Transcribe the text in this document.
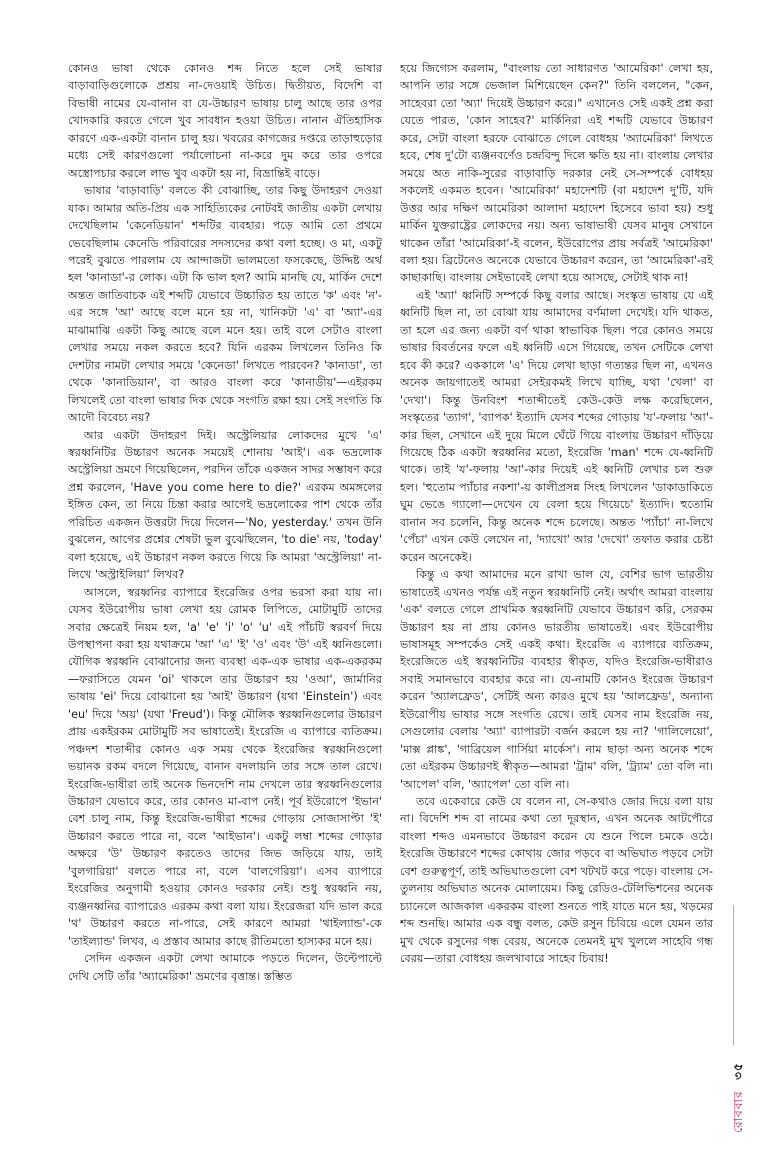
কোনও ভাষা থেকে কোনও শব্দ নিতে হলে সেই ভাষার বাড়াবাড়িগুলোকে প্রশ্রয় না-দেওয়াই উচিত। দ্বিতীয়ত, বিদেশি বা বিভাষী নামের যে-বানান বা যে-উচ্চারণ ভাষায় চালু আছে তার ওপর খোদকারি করতে গেলে খুব সাবধান হওয়া উচিত। নানান ঐতিহাসিক কারণে এক-একটা বানান চালু হয়। খবরের কাগজের দপ্তরে তাড়াহুড়োর মধ্যে সেই কারণগুলো পর্যালোচনা না-করে দুম করে তার ওপরে অস্ত্রোপচার করলে লাভ খুব একটা হয় না, বিভ্রান্তিই বাড়ে।

ভাষার 'বাড়াবাড়ি' বলতে কী বোঝাচ্ছি, তার কিছু উদাহরণ দেওয়া যাক। আমার অতি-প্রিয় এক সাহিত্যিকের নোটবই জাতীয় একটা লেখায় দেখেছিলাম 'কেনেডিয়ান' শব্দটির ব্যবহার। পড়ে আমি তো প্রথমে ভেবেছিলাম কেনেডি পরিবারের সদস্যদের কথা বলা হচ্ছে। ও মা, একটু পরেই বুঝতে পারলাম যে আন্দাজটা ভালমতো ফসকেছে, উদ্দিষ্ট অর্থ হল 'কানাডা'-র লোক। এটা কি ভাল হল? আমি মানছি যে, মার্কিন দেশে অন্তত জাতিবাচক এই শব্দটি যেভাবে উচ্চারিত হয় তাতে 'ক' এবং 'ন'-এর সঙ্গে 'আ' আছে বলে মনে হয় না, খানিকটা 'এ' বা 'অ্যা'-এর মাঝামাঝি একটা কিছু আছে বলে মনে হয়। তাই বলে সেটাও বাংলা লেখার সময়ে নকল করতে হবে? যিনি এরকম লিখলেন তিনিও কি দেশটার নামটা লেখার সময়ে 'কেনেডা' লিখতে পারবেন? 'কানাডা', তা থেকে 'কানাডিয়ান', বা আরও বাংলা করে 'কানাডীয়'—এইরকম লিখলেই তো বাংলা ভাষার দিক থেকে সংগতি রক্ষা হয়। সেই সংগতি কি আদৌ বিবেচ্য নয়?

আর একটা উদাহরণ দিই। অস্ট্রেলিয়ার লোকদের মুখে 'এ' স্বরধ্বনিটির উচ্চারণ অনেক সময়েই শোনায় 'আই'। এক ভদ্রলোক অস্ট্রেলিয়া ভ্রমণে গিয়েছিলেন, পরদিন তাঁকে একজন সাদর সম্ভাষণ করে প্রশ্ন করলেন, 'Have you come here to die?' এরকম অমঙ্গলের ইঙ্গিত কেন, তা নিয়ে চিন্তা করার আগেই ভদ্রলোকের পাশ থেকে তাঁর পরিচিত একজন উত্তরটা দিয়ে দিলেন—'No, yesterday.' তখন উনি বুঝলেন, আগের প্রশ্নের শেষটা ভুল বুঝেছিলেন, 'to die' নয়, 'today' বলা হয়েছে, এই উচ্চারণ নকল করতে গিয়ে কি আমরা 'অস্ট্রেলিয়া' না-লিখে 'অস্ট্রাইলিয়া' লিখব?

আসলে, স্বরধ্বনির ব্যাপারে ইংরেজির ওপর ভরসা করা যায় না। যেসব ইউরোপীয় ভাষা লেখা হয় রোমক লিপিতে, মোটামুটি তাদের সবার ক্ষেত্রেই নিয়ম হল, 'a' 'e' 'i' 'o' 'u' এই পাঁচটি স্বরবর্ণ দিয়ে উপস্থাপনা করা হয় যথাক্রমে 'আ' 'এ' 'ই' 'ও' এবং 'উ' এই ধ্বনিগুলো। যৌগিক স্বরধ্বনি বোঝানোর জন্য ব্যবস্থা এক-এক ভাষার এক-একরকম—ফরাসিতে যেমন 'oi' থাকলে তার উচ্চারণ হয় 'ওআ', জার্মানির ভাষায় 'ei' দিয়ে বোঝানো হয় 'আই' উচ্চারণ (যথা 'Einstein') এবং 'eu' দিয়ে 'অয়' (যথা 'Freud')। কিন্তু মৌলিক স্বরধ্বনিগুলোর উচ্চারণ প্রায় একইরকম মোটামুটি সব ভাষাতেই। ইংরেজি এ ব্যাপারে ব্যতিক্রম। পঞ্চদশ শতাব্দীর কোনও এক সময় থেকে ইংরেজির স্বরধ্বনিগুলো ভয়ানক রকম বদলে গিয়েছে, বানান বদলায়নি তার সঙ্গে তাল রেখে। ইংরেজি-ভাষীরা তাই অনেক ভিনদেশি নাম দেখলে তার স্বরধ্বনিগুলোর উচ্চারণ যেভাবে করে, তার কোনও মা-বাপ নেই। পূর্ব ইউরোপে 'ইভান' বেশ চালু নাম, কিন্তু ইংরেজি-ভাষীরা শব্দের গোড়ায় সোজাসাপ্টা 'ই' উচ্চারণ করতে পারে না, বলে 'আইভান'। একটু লম্বা শব্দের গোড়ার অক্ষরে 'উ' উচ্চারণ করতেও তাদের জিভ জড়িয়ে যায়, তাই 'বুলগারিয়া' বলতে পারে না, বলে 'বালগেরিয়া'। এসব ব্যাপারে ইংরেজির অনুগামী হওয়ার কোনও দরকার নেই। শুধু স্বরধ্বনি নয়, ব্যঞ্জনধ্বনির ব্যাপারেও এরকম কথা বলা যায়। ইংরেজরা যদি ভাল করে 'থ' উচ্চারণ করতে না-পারে, সেই কারণে আমরা 'থাইল্যান্ড'-কে 'তাইল্যান্ড' লিখব, এ প্রস্তাব আমার কাছে রীতিমতো হাস্যকর মনে হয়।

সেদিন একজন একটা লেখা আমাকে পড়তে দিলেন, উল্টেপাল্টে দেখি সেটি তাঁর 'অ্যামেরিকা' ভ্রমণের বৃত্তান্ত। স্তম্ভিত

হয়ে জিগ্যেস করলাম, "বাংলায় তো সাধারণত 'আমেরিকা' লেখা হয়, আপনি তার সঙ্গে ভেজাল মিশিয়েছেন কেন?" তিনি বললেন, "কেন, সাহেবরা তো 'অ্যা' দিয়েই উচ্চারণ করে।" এখানেও সেই একই প্রশ্ন করা যেতে পারত, 'কোন সাহেব?' মার্কিনিরা এই শব্দটি যেভাবে উচ্চারণ করে, সেটা বাংলা হরফে বোঝাতে গেলে বোধহয় 'অ্যামেরিকা' লিখতে হবে, শেষ দু'টো ব্যঞ্জনবর্ণেও চন্দ্রবিন্দু দিলে ক্ষতি হয় না। বাংলায় লেখার সময়ে অত নাকি-সুরের বাড়াবাড়ি দরকার নেই সে-সম্পর্কে বোধহয় সকলেই একমত হবেন। 'আমেরিকা' মহাদেশটি (বা মহাদেশ দু'টি, যদি উত্তর আর দক্ষিণ আমেরিকা আলাদা মহাদেশ হিসেবে ভাবা হয়) শুধু মার্কিন যুক্তরাষ্ট্রের লোকদের নয়। অন্য ভাষাভাষী যেসব মানুষ সেখানে থাকেন তাঁরা 'আমেরিকা'-ই বলেন, ইউরোপের প্রায় সর্বত্রই 'আমেরিকা' বলা হয়। ব্রিটেনেও অনেকে যেভাবে উচ্চারণ করেন, তা 'আমেরিকা'-রই কাছাকাছি। বাংলায় সেইভাবেই লেখা হয়ে আসছে, সেটাই থাক না!

এই 'অ্যা' ধ্বনিটি সম্পর্কে কিছু বলার আছে। সংস্কৃত ভাষায় যে এই ধ্বনিটি ছিল না, তা বোঝা যায় আমাদের বর্ণমালা দেখেই। যদি থাকত, তা হলে এর জন্য একটা বর্ণ থাকা স্বাভাবিক ছিল। পরে কোনও সময়ে ভাষার বিবর্তনের ফলে এই ধ্বনিটি এসে গিয়েছে, তখন সেটিকে লেখা হবে কী করে? এককালে 'এ' দিয়ে লেখা ছাড়া গত্যন্তর ছিল না, এখনও অনেক জায়গাতেই আমরা সেইরকমই লিখে যাচ্ছি, যথা 'খেলা' বা 'দেখা'। কিন্তু উনবিংশ শতাব্দীতেই কেউ-কেউ লক্ষ করেছিলেন, সংস্কৃতের 'ত্যাগ', 'ব্যাপক' ইত্যাদি যেসব শব্দের গোড়ায় 'য'-ফলায় 'আ'-কার ছিল, সেখানে এই দুয়ে মিলে ঘেঁটে গিয়ে বাংলায় উচ্চারণ দাঁড়িয়ে গিয়েছে ঠিক একটা স্বরধ্বনির মতো, ইংরেজি 'man' শব্দে যে-ধ্বনিটি থাকে। তাই 'য'-ফলায় 'আ'-কার দিয়েই এই ধ্বনিটি লেখার চল শুরু হল। 'হুতোম প্যাঁচার নকশা'-য় কালীপ্রসন্ন সিংহ লিখলেন 'ডাকাডাকিতে ঘুম ভেঙে গ্যালো—দেখেন যে বেলা হয়ে গিয়েচে' ইত্যাদি। হুতোমি বানান সব চলেনি, কিন্তু অনেক শব্দে চলেছে। অন্তত 'প্যাঁচা' না-লিখে 'পেঁচা' এখন কেউ লেখেন না, 'দ্যাখো' আর 'দেখো' তফাত করার চেষ্টা করেন অনেকেই।

কিন্তু এ কথা আমাদের মনে রাখা ভাল যে, বেশির ভাগ ভারতীয় ভাষাতেই এখনও পর্যন্ত এই নতুন স্বরধ্বনিটি নেই। অর্থাৎ আমরা বাংলায় 'এক' বলতে গেলে প্রাথমিক স্বরধ্বনিটি যেভাবে উচ্চারণ করি, সেরকম উচ্চারণ হয় না প্রায় কোনও ভারতীয় ভাষাতেই। এবং ইউরোপীয় ভাষাসমূহ সম্পর্কেও সেই একই কথা। ইংরেজি এ ব্যাপারে ব্যতিক্রম, ইংরেজিতে এই স্বরধ্বনিটির ব্যবহার স্বীকৃত, যদিও ইংরেজি-ভাষীরাও সবাই সমানভাবে ব্যবহার করে না। যে-নামটি কোনও ইংরেজ উচ্চারণ করেন 'অ্যালফ্রেড', সেটিই অন্য কারও মুখে হয় 'আলফ্রেড', অন্যান্য ইউরোপীয় ভাষার সঙ্গে সংগতি রেখে। তাই যেসব নাম ইংরেজি নয়, সেগুলোর বেলায় 'অ্যা' ব্যাপারটা বর্জন করলে হয় না? 'গালিলেয়ো', 'মাক্স প্লাঙ্ক', 'গাব্রিয়েল গার্সিয়া মার্কেস'। নাম ছাড়া অন্য অনেক শব্দে তো এইরকম উচ্চারণই স্বীকৃত—আমরা 'ট্রাম' বলি, 'ট্র্যাম' তো বলি না। 'আপেল' বলি, 'অ্যাপেল' তো বলি না।

তবে একেবারে কেউ যে বলেন না, সে-কথাও জোর দিয়ে বলা যায় না। বিদেশি শব্দ বা নামের কথা তো দূরস্থান, এখন অনেক আটপৌরে বাংলা শব্দও এমনভাবে উচ্চারণ করেন যে শুনে পিলে চমকে ওঠে। ইংরেজি উচ্চারণে শব্দের কোথায় জোর পড়বে বা অভিঘাত পড়বে সেটা বেশ গুরুত্বপূর্ণ, তাই অভিঘাতগুলো বেশ খটখট করে পড়ে। বাংলায় সে-তুলনায় অভিঘাত অনেক মোলায়েম। কিছু রেডিও-টেলিভিশনের অনেক চ্যানেলে আজকাল একরকম বাংলা শুনতে পাই যাতে মনে হয়, খড়মের শব্দ শুনছি। আমার এক বন্ধু বলত, কেউ রসুন চিবিয়ে এলে যেমন তার মুখ থেকে রসুনের গন্ধ বেরয়, অনেকে তেমনই মুখ খুললে সাহেবি গন্ধ বেরয়—তারা বোধহয় জলখাবারে সাহেব চিবায়!

রোববার ৩৫
